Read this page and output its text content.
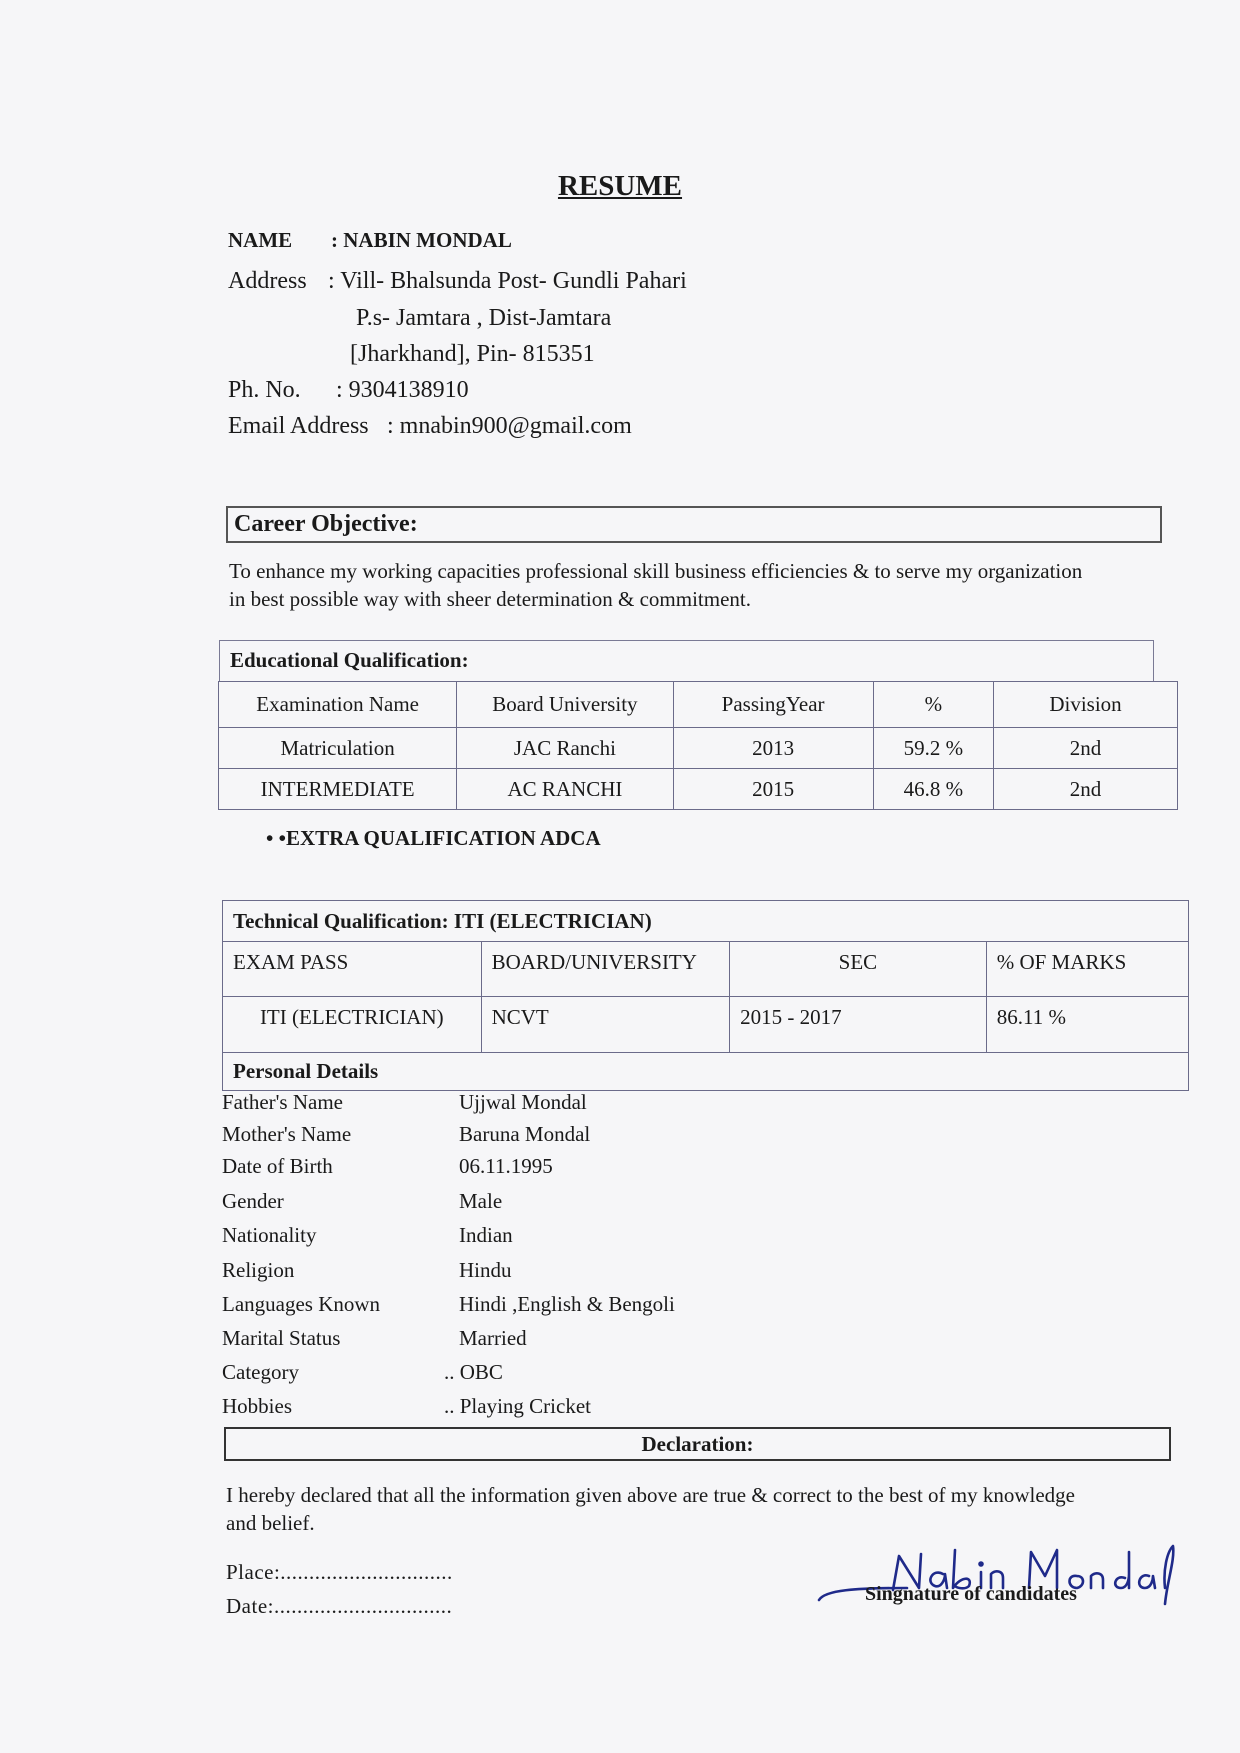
RESUME
NAME : NABIN MONDAL
Address : Vill- Bhalsunda Post- Gundli Pahari
P.s- Jamtara , Dist-Jamtara
[Jharkhand], Pin- 815351
Ph. No. : 9304138910
Email Address : mnabin900@gmail.com
Career Objective:
To enhance my working capacities professional skill business efficiencies & to serve my organization
in best possible way with sheer determination & commitment.
Educational Qualification:
Examination Name	Board University	PassingYear	%	Division
Matriculation	JAC Ranchi	2013	59.2 %	2nd
INTERMEDIATE	AC RANCHI	2015	46.8 %	2nd
• •EXTRA QUALIFICATION ADCA
Technical Qualification: ITI (ELECTRICIAN)			
EXAM PASS	BOARD/UNIVERSITY	SEC	% OF MARKS
ITI (ELECTRICIAN)	NCVT	2015 - 2017	86.11 %
Personal Details			
Father's Name	Ujjwal Mondal
Mother's Name	Baruna Mondal
Date of Birth	06.11.1995
Gender	Male
Nationality	Indian
Religion	Hindu
Languages Known	Hindi ,English & Bengoli
Marital Status	Married
Category	.. OBC
Hobbies	.. Playing Cricket
Declaration:
I hereby declared that all the information given above are true & correct to the best of my knowledge
and belief.
Place:..............................
Date:...............................	Singnature of candidates
